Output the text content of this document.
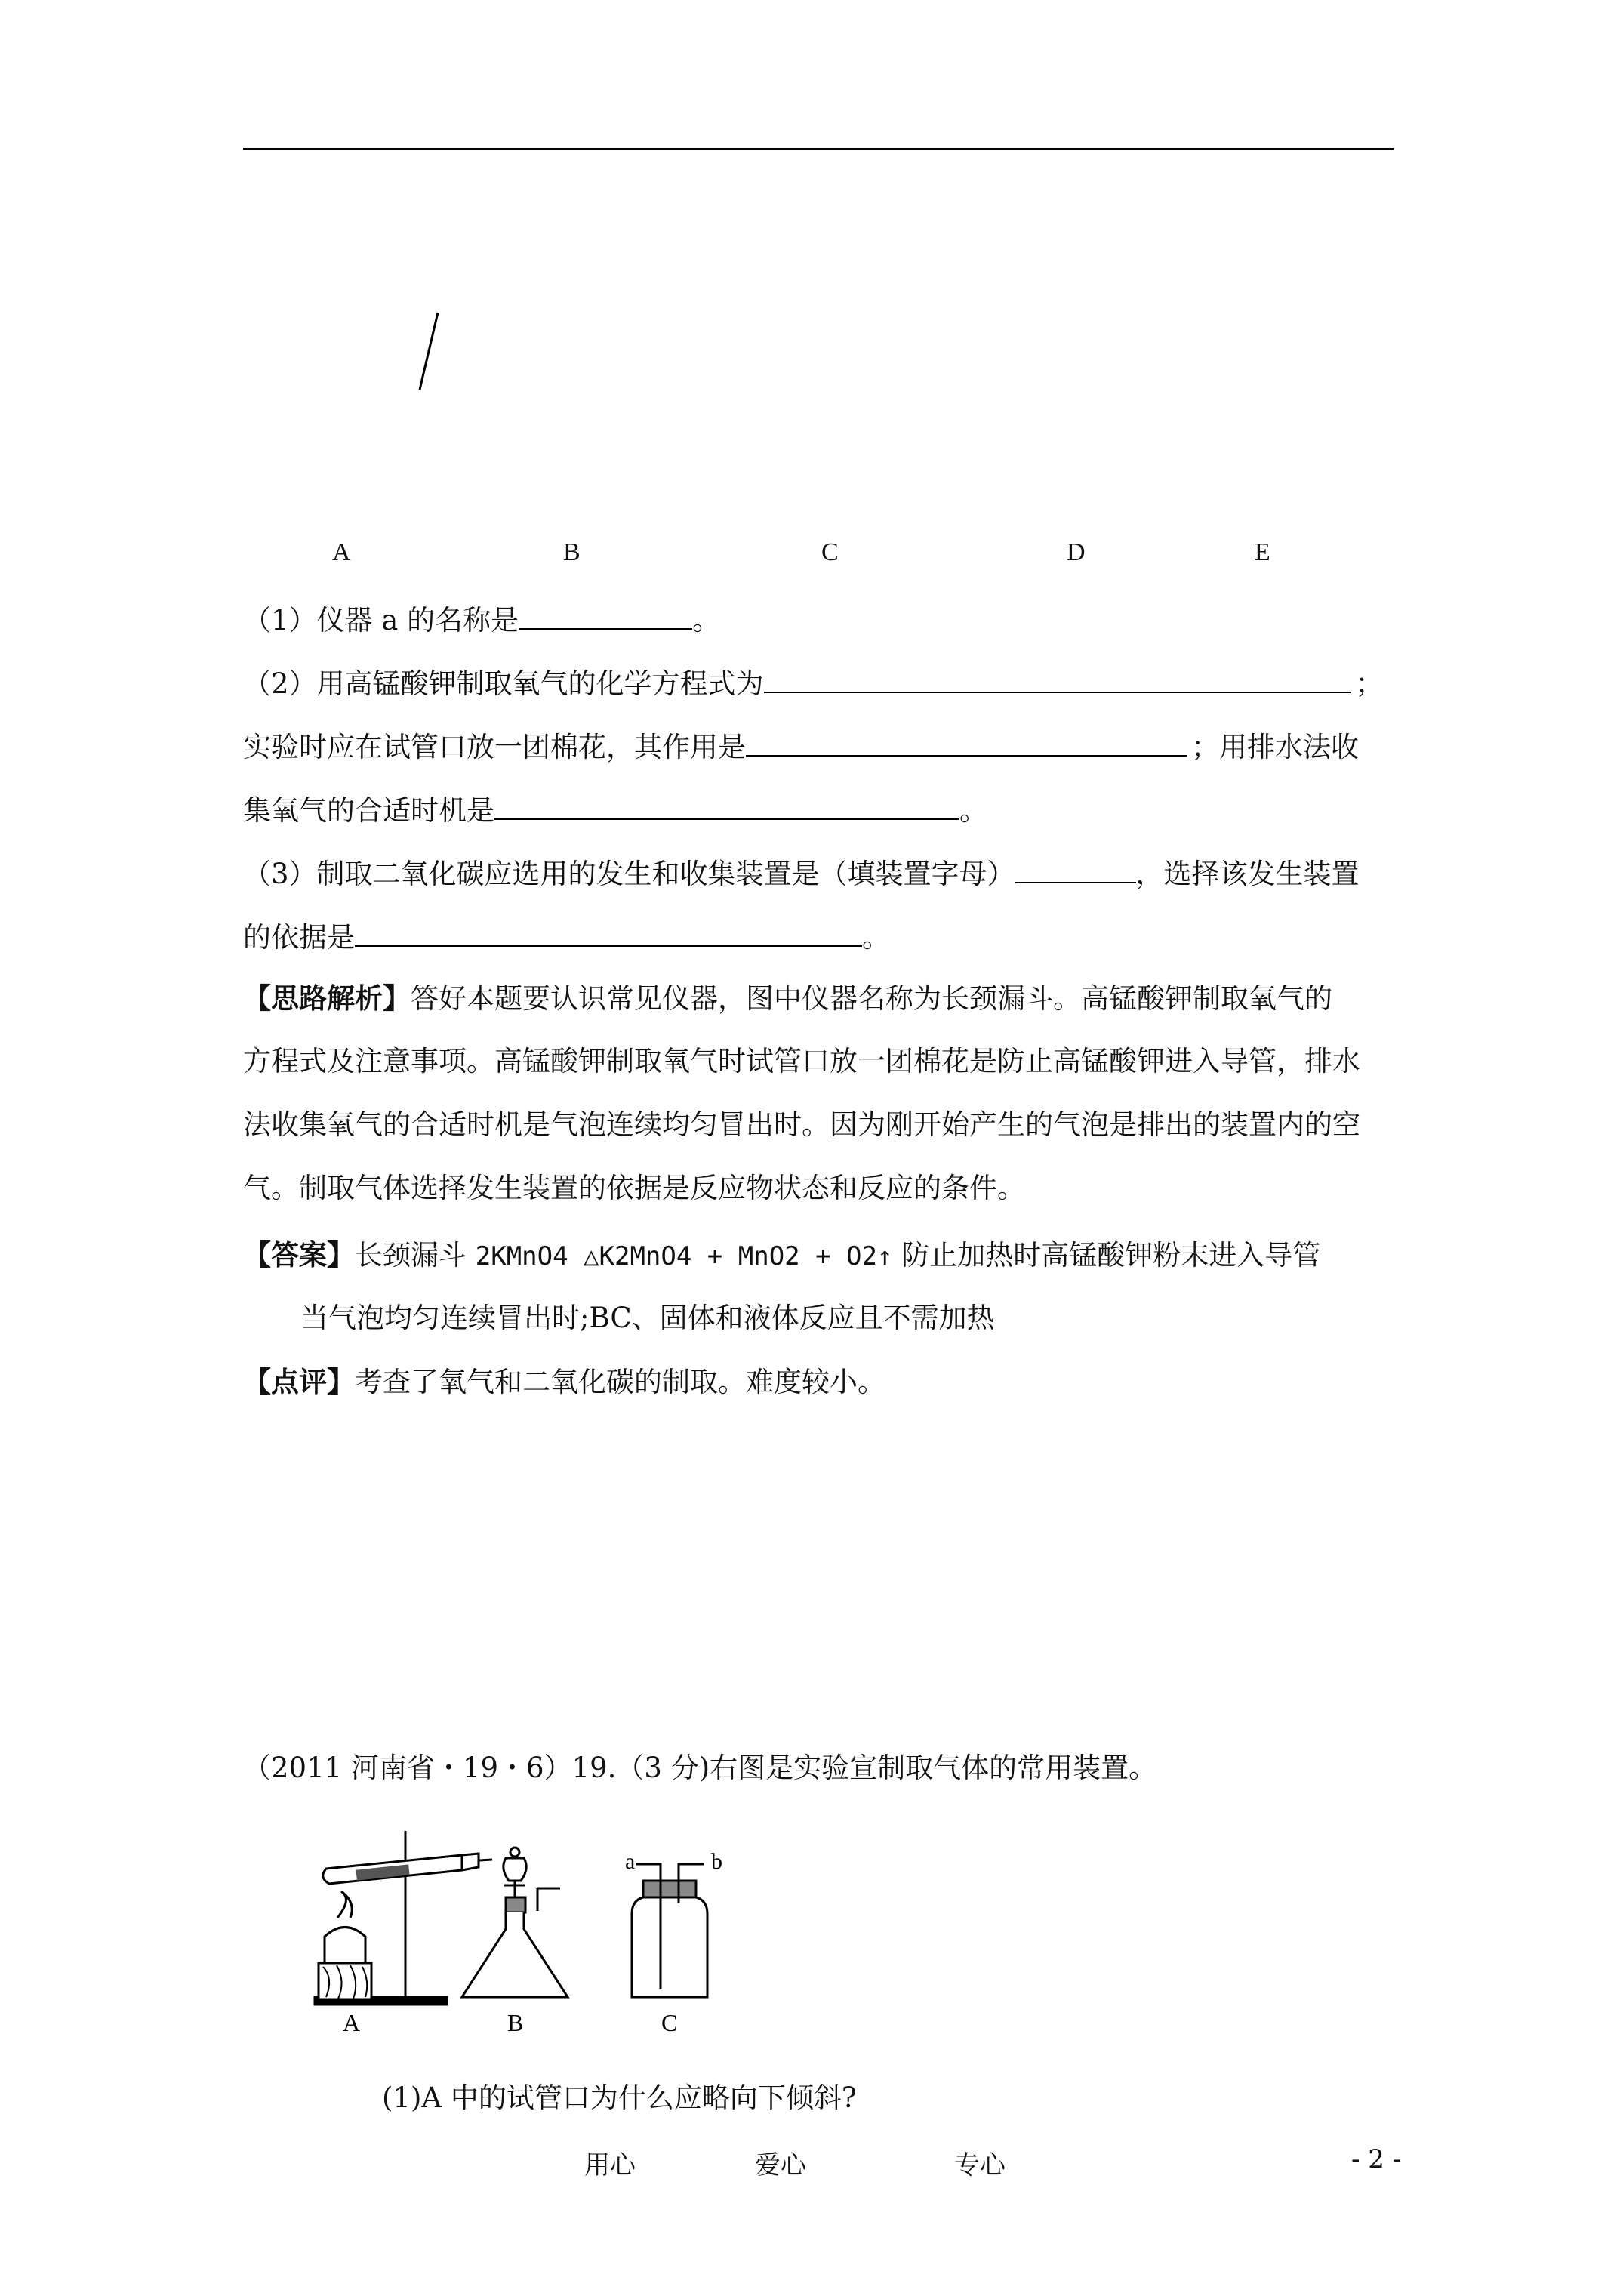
A	B	C	D	E
（1）仪器 a 的名称是	。
（2）用高锰酸钾制取氧气的化学方程式为	；
实验时应在试管口放一团棉花，其作用是	；用排水法收
集氧气的合适时机是	。
（3）制取二氧化碳应选用的发生和收集装置是（填装置字母）	，选择该发生装置
的依据是	。
【思路解析】答好本题要认识常见仪器，图中仪器名称为长颈漏斗。高锰酸钾制取氧气的
方程式及注意事项。高锰酸钾制取氧气时试管口放一团棉花是防止高锰酸钾进入导管，排水
法收集氧气的合适时机是气泡连续均匀冒出时。因为刚开始产生的气泡是排出的装置内的空
气。制取气体选择发生装置的依据是反应物状态和反应的条件。
【答案】长颈漏斗 2KMnO4 △K2MnO4 + MnO2 + O2↑ 防止加热时高锰酸钾粉末进入导管
当气泡均匀连续冒出时;BC、固体和液体反应且不需加热
【点评】考查了氧气和二氧化碳的制取。难度较小。
（2011 河南省・19・6）19.（3 分)右图是实验宣制取气体的常用装置。
A	B	C
a	b
(1)A 中的试管口为什么应略向下倾斜?
用心	爱心	专心	- 2 -
